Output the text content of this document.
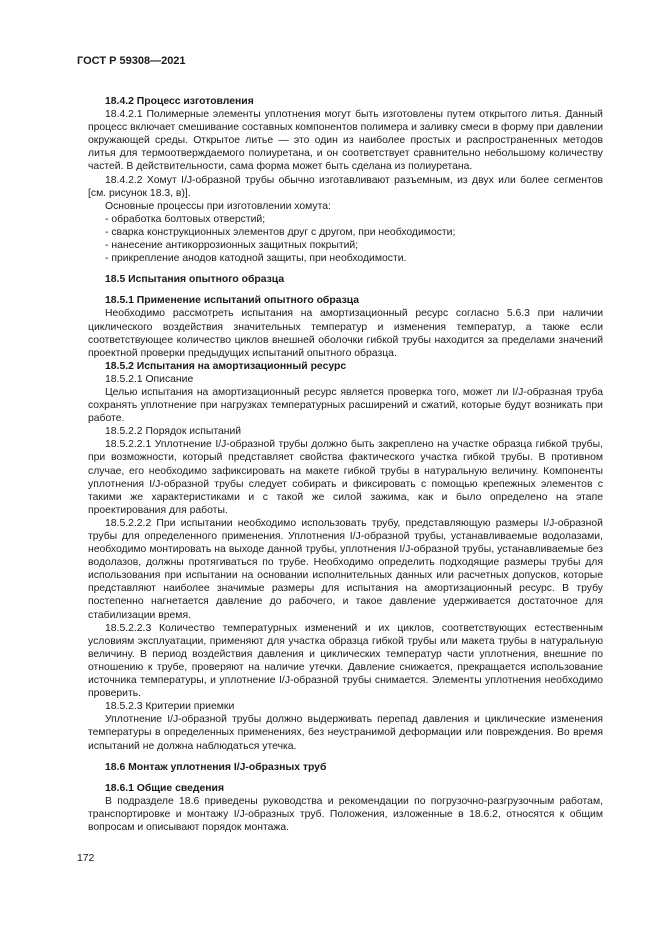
ГОСТ Р 59308—2021

18.4.2 Процесс изготовления

18.4.2.1 Полимерные элементы уплотнения могут быть изготовлены путем открытого литья. Данный процесс включает смешивание составных компонентов полимера и заливку смеси в форму при давлении окружающей среды. Открытое литье — это один из наиболее простых и распространенных методов литья для термоотверждаемого полиуретана, и он соответствует сравнительно небольшому количеству частей. В действительности, сама форма может быть сделана из полиуретана.

18.4.2.2 Хомут I/J-образной трубы обычно изготавливают разъемным, из двух или более сегментов [см. рисунок 18.3, в)].

Основные процессы при изготовлении хомута:

- обработка болтовых отверстий;

- сварка конструкционных элементов друг с другом, при необходимости;

- нанесение антикоррозионных защитных покрытий;

- прикрепление анодов катодной защиты, при необходимости.

18.5 Испытания опытного образца

18.5.1 Применение испытаний опытного образца

Необходимо рассмотреть испытания на амортизационный ресурс согласно 5.6.3 при наличии циклического воздействия значительных температур и изменения температур, а также если соответствующее количество циклов внешней оболочки гибкой трубы находится за пределами значений проектной проверки предыдущих испытаний опытного образца.

18.5.2 Испытания на амортизационный ресурс

18.5.2.1 Описание

Целью испытания на амортизационный ресурс является проверка того, может ли I/J-образная труба сохранять уплотнение при нагрузках температурных расширений и сжатий, которые будут возникать при работе.

18.5.2.2 Порядок испытаний

18.5.2.2.1 Уплотнение I/J-образной трубы должно быть закреплено на участке образца гибкой трубы, при возможности, который представляет свойства фактического участка гибкой трубы. В противном случае, его необходимо зафиксировать на макете гибкой трубы в натуральную величину. Компоненты уплотнения I/J-образной трубы следует собирать и фиксировать с помощью крепежных элементов с такими же характеристиками и с такой же силой зажима, как и было определено на этапе проектирования для работы.

18.5.2.2.2 При испытании необходимо использовать трубу, представляющую размеры I/J-образной трубы для определенного применения. Уплотнения I/J-образной трубы, устанавливаемые водолазами, необходимо монтировать на выходе данной трубы, уплотнения I/J-образной трубы, устанавливаемые без водолазов, должны протягиваться по трубе. Необходимо определить подходящие размеры трубы для использования при испытании на основании исполнительных данных или расчетных допусков, которые представляют наиболее значимые размеры для испытания на амортизационный ресурс. В трубу постепенно нагнетается давление до рабочего, и такое давление удерживается достаточное для стабилизации время.

18.5.2.2.3 Количество температурных изменений и их циклов, соответствующих естественным условиям эксплуатации, применяют для участка образца гибкой трубы или макета трубы в натуральную величину. В период воздействия давления и циклических температур части уплотнения, внешние по отношению к трубе, проверяют на наличие утечки. Давление снижается, прекращается использование источника температуры, и уплотнение I/J-образной трубы снимается. Элементы уплотнения необходимо проверить.

18.5.2.3 Критерии приемки

Уплотнение I/J-образной трубы должно выдерживать перепад давления и циклические изменения температуры в определенных применениях, без неустранимой деформации или повреждения. Во время испытаний не должна наблюдаться утечка.

18.6 Монтаж уплотнения I/J-образных труб

18.6.1 Общие сведения

В подразделе 18.6 приведены руководства и рекомендации по погрузочно-разгрузочным работам, транспортировке и монтажу I/J-образных труб. Положения, изложенные в 18.6.2, относятся к общим вопросам и описывают порядок монтажа.

172
